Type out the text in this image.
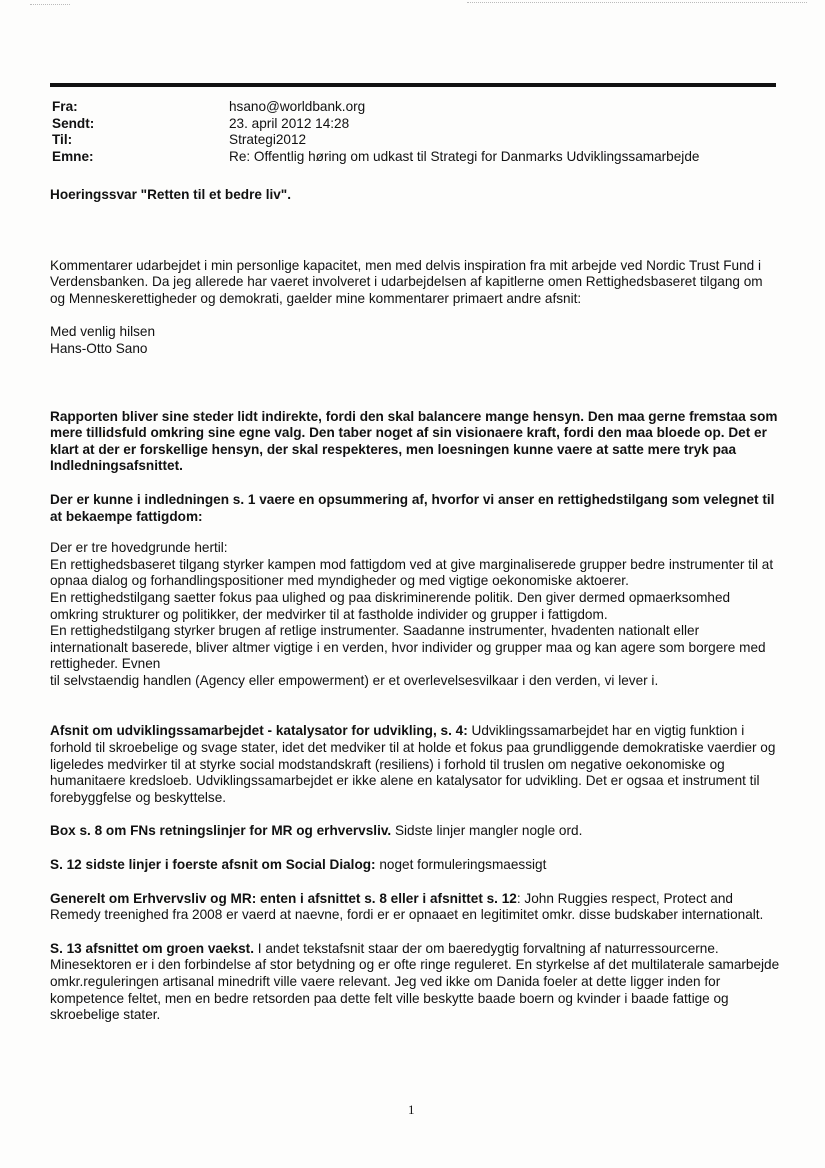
Fra:	hsano@worldbank.org
Sendt:	23. april 2012 14:28
Til:	Strategi2012
Emne:	Re: Offentlig høring om udkast til Strategi for Danmarks Udviklingssamarbejde

Hoeringssvar "Retten til et bedre liv".

Kommentarer udarbejdet i min personlige kapacitet, men med delvis inspiration fra mit arbejde ved Nordic Trust Fund i Verdensbanken. Da jeg allerede har vaeret involveret i udarbejdelsen af kapitlerne omen Rettighedsbaseret tilgang om og Menneskerettigheder og demokrati, gaelder mine kommentarer primaert andre afsnit:

Med venlig hilsen

Hans-Otto Sano

Rapporten bliver sine steder lidt indirekte, fordi den skal balancere mange hensyn. Den maa gerne fremstaa som mere tillidsfuld omkring sine egne valg. Den taber noget af sin visionaere kraft, fordi den maa bloede op. Det er klart at der er forskellige hensyn, der skal respekteres, men loesningen kunne vaere at satte mere tryk paa Indledningsafsnittet.

Der er kunne i indledningen s. 1 vaere en opsummering af, hvorfor vi anser en rettighedstilgang som velegnet til at bekaempe fattigdom:

Der er tre hovedgrunde hertil:

En rettighedsbaseret tilgang styrker kampen mod fattigdom ved at give marginaliserede grupper bedre instrumenter til at opnaa dialog og forhandlingspositioner med myndigheder og med vigtige oekonomiske aktoerer.

En rettighedstilgang saetter fokus paa ulighed og paa diskriminerende politik. Den giver dermed opmaerksomhed omkring strukturer og politikker, der medvirker til at fastholde individer og grupper i fattigdom.

En rettighedstilgang styrker brugen af retlige instrumenter. Saadanne instrumenter, hvadenten nationalt eller internationalt baserede, bliver altmer vigtige i en verden, hvor individer og grupper maa og kan agere som borgere med rettigheder. Evnen

til selvstaendig handlen (Agency eller empowerment) er et overlevelsesvilkaar i den verden, vi lever i.

Afsnit om udviklingssamarbejdet - katalysator for udvikling, s. 4: Udviklingssamarbejdet har en vigtig funktion i forhold til skroebelige og svage stater, idet det medviker til at holde et fokus paa grundliggende demokratiske vaerdier og ligeledes medvirker til at styrke social modstandskraft (resiliens) i forhold til truslen om negative oekonomiske og humanitaere kredsloeb. Udviklingssamarbejdet er ikke alene en katalysator for udvikling. Det er ogsaa et instrument til forebyggfelse og beskyttelse.

Box s. 8 om FNs retningslinjer for MR og erhvervsliv. Sidste linjer mangler nogle ord.

S. 12 sidste linjer i foerste afsnit om Social Dialog: noget formuleringsmaessigt

Generelt om Erhvervsliv og MR: enten i afsnittet s. 8 eller i afsnittet s. 12: John Ruggies respect, Protect and Remedy treenighed fra 2008 er vaerd at naevne, fordi er er opnaaet en legitimitet omkr. disse budskaber internationalt.

S. 13 afsnittet om groen vaekst. I andet tekstafsnit staar der om baeredygtig forvaltning af naturressourcerne. Minesektoren er i den forbindelse af stor betydning og er ofte ringe reguleret. En styrkelse af det multilaterale samarbejde

omkr.reguleringen artisanal minedrift ville vaere relevant. Jeg ved ikke om Danida foeler at dette ligger inden for kompetence feltet, men en bedre retsorden paa dette felt ville beskytte baade boern og kvinder i baade fattige og skroebelige stater.

1
